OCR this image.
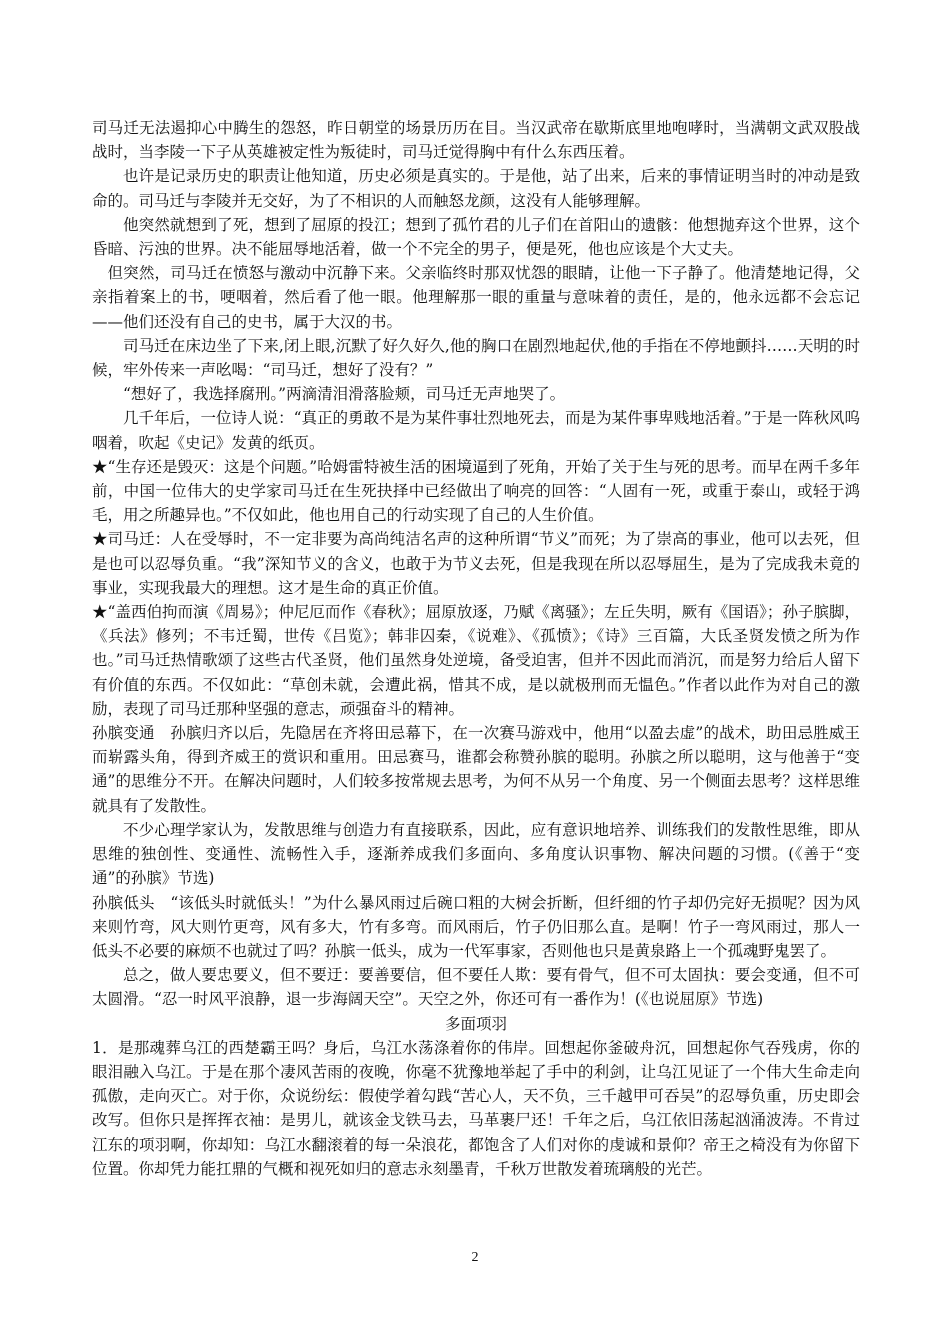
司马迁无法遏抑心中腾生的怨怒，昨日朝堂的场景历历在目。当汉武帝在歇斯底里地咆哮时，当满朝文武双股战战时，当李陵一下子从英雄被定性为叛徒时，司马迁觉得胸中有什么东西压着。

也许是记录历史的职责让他知道，历史必须是真实的。于是他，站了出来，后来的事情证明当时的冲动是致命的。司马迁与李陵并无交好，为了不相识的人而触怒龙颜，这没有人能够理解。

他突然就想到了死，想到了屈原的投江；想到了孤竹君的儿子们在首阳山的遗骸：他想抛弃这个世界，这个昏暗、污浊的世界。决不能屈辱地活着，做一个不完全的男子，便是死，他也应该是个大丈夫。

但突然，司马迁在愤怒与激动中沉静下来。父亲临终时那双忧怨的眼睛，让他一下子静了。他清楚地记得，父亲指着案上的书，哽咽着，然后看了他一眼。他理解那一眼的重量与意味着的责任，是的，他永远都不会忘记——他们还没有自己的史书，属于大汉的书。

司马迁在床边坐了下来,闭上眼,沉默了好久好久,他的胸口在剧烈地起伏,他的手指在不停地颤抖……天明的时候，牢外传来一声吆喝：“司马迁，想好了没有？”

“想好了，我选择腐刑。”两滴清泪滑落脸颊，司马迁无声地哭了。

几千年后，一位诗人说：“真正的勇敢不是为某件事壮烈地死去，而是为某件事卑贱地活着。”于是一阵秋风呜咽着，吹起《史记》发黄的纸页。

★“生存还是毁灭：这是个问题。”哈姆雷特被生活的困境逼到了死角，开始了关于生与死的思考。而早在两千多年前，中国一位伟大的史学家司马迁在生死抉择中已经做出了响亮的回答：“人固有一死，或重于泰山，或轻于鸿毛，用之所趣异也。”不仅如此，他也用自己的行动实现了自己的人生价值。

★司马迁：人在受辱时，不一定非要为高尚纯洁名声的这种所谓“节义”而死；为了崇高的事业，他可以去死，但是也可以忍辱负重。“我”深知节义的含义，也敢于为节义去死，但是我现在所以忍辱屈生，是为了完成我未竟的事业，实现我最大的理想。这才是生命的真正价值。

★“盖西伯拘而演《周易》；仲尼厄而作《春秋》；屈原放逐，乃赋《离骚》；左丘失明，厥有《国语》；孙子膑脚，《兵法》修列；不韦迁蜀，世传《吕览》；韩非囚秦，《说难》、《孤愤》；《诗》三百篇，大氐圣贤发愤之所为作也。”司马迁热情歌颂了这些古代圣贤，他们虽然身处逆境，备受迫害，但并不因此而消沉，而是努力给后人留下有价值的东西。不仅如此：“草创未就，会遭此祸，惜其不成，是以就极刑而无愠色。”作者以此作为对自己的激励，表现了司马迁那种坚强的意志，顽强奋斗的精神。

孙膑变通　孙膑归齐以后，先隐居在齐将田忌幕下，在一次赛马游戏中，他用“以盈去虚”的战术，助田忌胜威王而崭露头角，得到齐威王的赏识和重用。田忌赛马，谁都会称赞孙膑的聪明。孙膑之所以聪明，这与他善于“变通”的思维分不开。在解决问题时，人们较多按常规去思考，为何不从另一个角度、另一个侧面去思考？这样思维就具有了发散性。

不少心理学家认为，发散思维与创造力有直接联系，因此，应有意识地培养、训练我们的发散性思维，即从思维的独创性、变通性、流畅性入手，逐渐养成我们多面向、多角度认识事物、解决问题的习惯。(《善于“变通”的孙膑》节选)

孙膑低头　“该低头时就低头！”为什么暴风雨过后碗口粗的大树会折断，但纤细的竹子却仍完好无损呢？因为风来则竹弯，风大则竹更弯，风有多大，竹有多弯。而风雨后，竹子仍旧那么直。是啊！竹子一弯风雨过，那人一低头不必要的麻烦不也就过了吗？孙膑一低头，成为一代军事家，否则他也只是黄泉路上一个孤魂野鬼罢了。

总之，做人要忠要义，但不要迂：要善要信，但不要任人欺：要有骨气，但不可太固执：要会变通，但不可太圆滑。“忍一时风平浪静，退一步海阔天空”。天空之外，你还可有一番作为！(《也说屈原》节选)

多面项羽

1．是那魂葬乌江的西楚霸王吗？身后，乌江水荡涤着你的伟岸。回想起你釜破舟沉，回想起你气吞残虏，你的眼泪融入乌江。于是在那个凄风苦雨的夜晚，你毫不犹豫地举起了手中的利剑，让乌江见证了一个伟大生命走向孤傲，走向灭亡。对于你，众说纷纭：假使学着勾践“苦心人，天不负，三千越甲可吞吴”的忍辱负重，历史即会改写。但你只是挥挥衣袖：是男儿，就该金戈铁马去，马革裹尸还！千年之后，乌江依旧荡起汹涌波涛。不肯过江东的项羽啊，你却知：乌江水翻滚着的每一朵浪花，都饱含了人们对你的虔诚和景仰？帝王之椅没有为你留下位置。你却凭力能扛鼎的气概和视死如归的意志永刻墨青，千秋万世散发着琉璃般的光芒。

2
